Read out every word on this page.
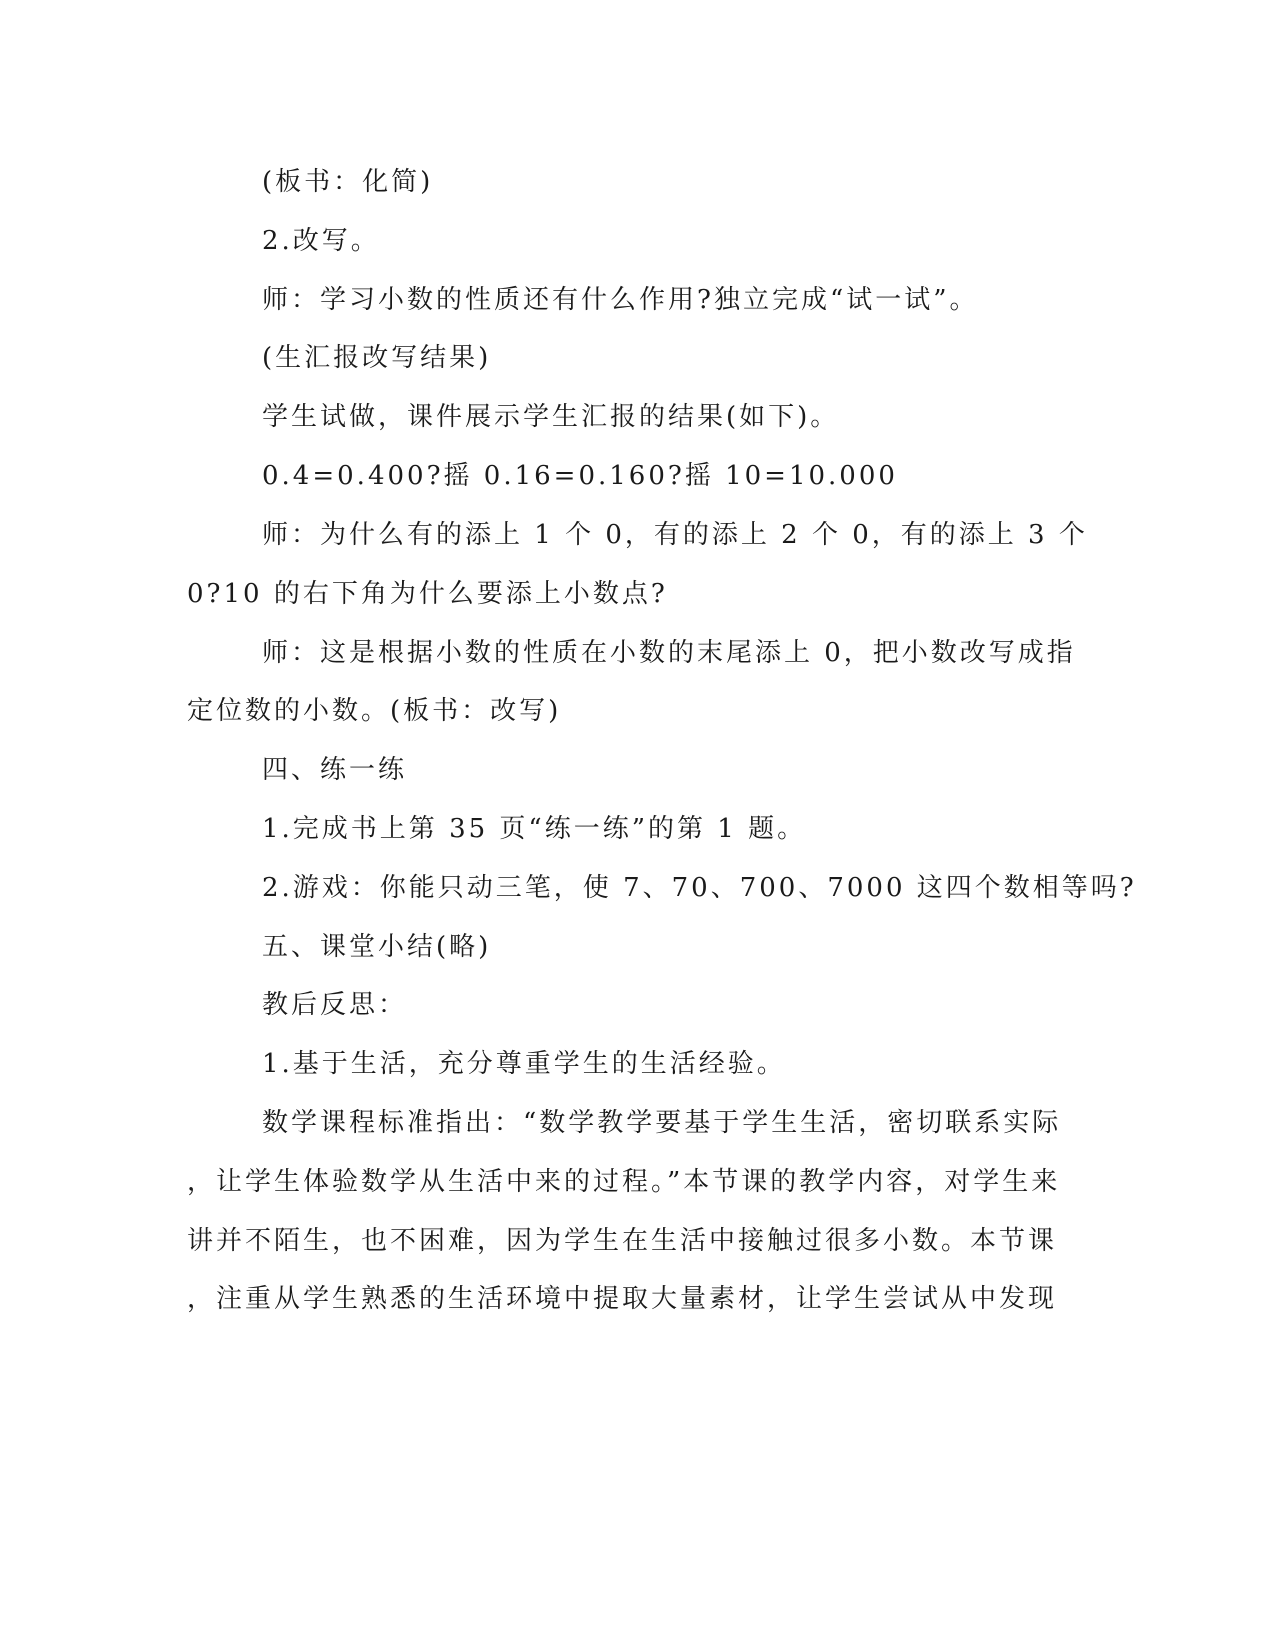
(板书：化简)
2.改写。
师：学习小数的性质还有什么作用?独立完成“试一试”。
(生汇报改写结果)
学生试做，课件展示学生汇报的结果(如下)。
0.4=0.400?摇 0.16=0.160?摇 10=10.000
师：为什么有的添上 1 个 0，有的添上 2 个 0，有的添上 3 个
0?10 的右下角为什么要添上小数点?
师：这是根据小数的性质在小数的末尾添上 0，把小数改写成指
定位数的小数。(板书：改写)
四、练一练
1.完成书上第 35 页“练一练”的第 1 题。
2.游戏：你能只动三笔，使 7、70、700、7000 这四个数相等吗?
五、课堂小结(略)
教后反思：
1.基于生活，充分尊重学生的生活经验。
数学课程标准指出：“数学教学要基于学生生活，密切联系实际
，让学生体验数学从生活中来的过程。”本节课的教学内容，对学生来
讲并不陌生，也不困难，因为学生在生活中接触过很多小数。本节课
，注重从学生熟悉的生活环境中提取大量素材，让学生尝试从中发现
